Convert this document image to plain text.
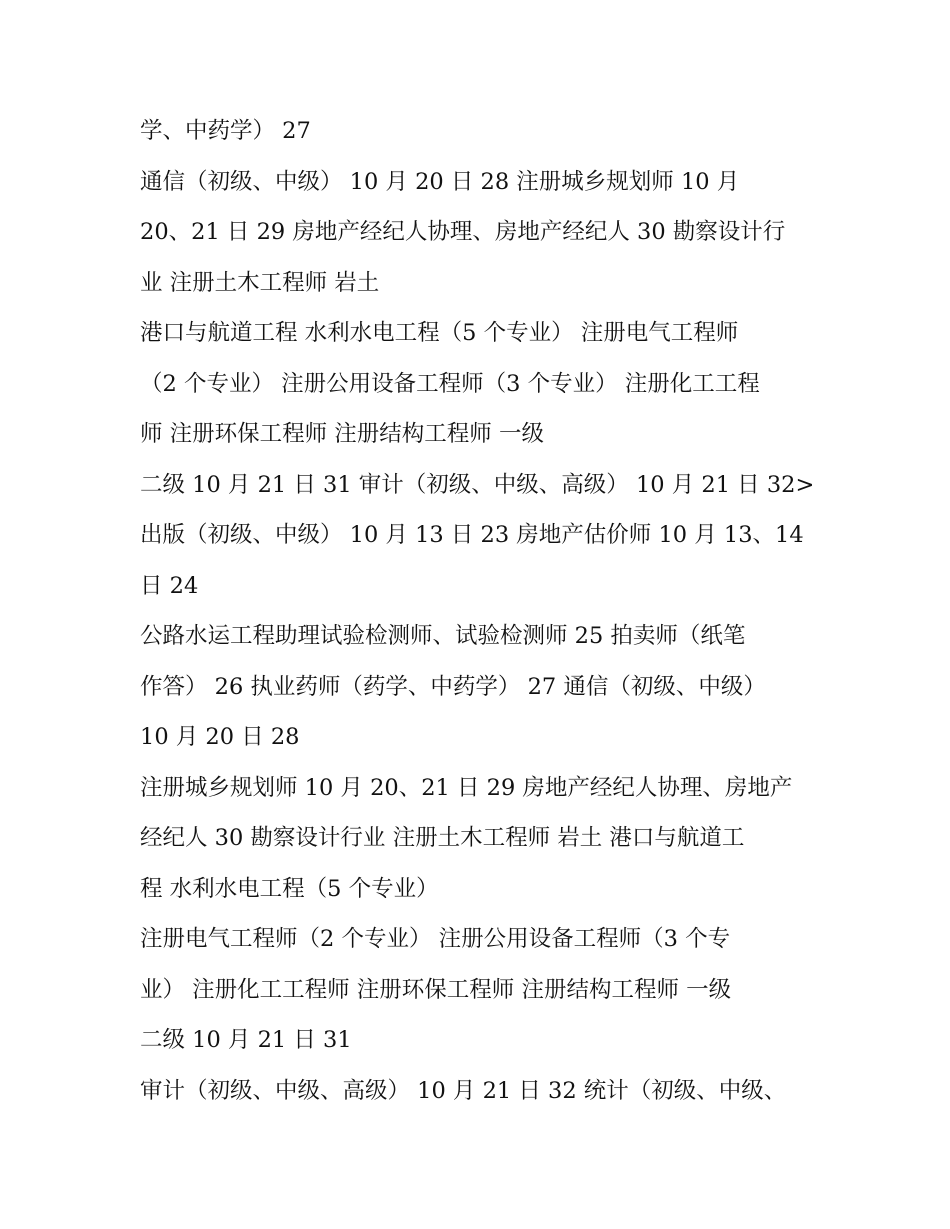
学、中药学） 27

通信（初级、中级） 10 月 20 日 28 注册城乡规划师 10 月

20、21 日 29 房地产经纪人协理、房地产经纪人 30 勘察设计行

业 注册土木工程师 岩土

港口与航道工程 水利水电工程（5 个专业） 注册电气工程师

（2 个专业） 注册公用设备工程师（3 个专业） 注册化工工程

师 注册环保工程师 注册结构工程师 一级

二级 10 月 21 日 31 审计（初级、中级、高级） 10 月 21 日 32>

出版（初级、中级） 10 月 13 日 23 房地产估价师 10 月 13、14

日 24

公路水运工程助理试验检测师、试验检测师 25 拍卖师（纸笔

作答） 26 执业药师（药学、中药学） 27 通信（初级、中级）

10 月 20 日 28

注册城乡规划师 10 月 20、21 日 29 房地产经纪人协理、房地产

经纪人 30 勘察设计行业 注册土木工程师 岩土 港口与航道工

程 水利水电工程（5 个专业）

注册电气工程师（2 个专业） 注册公用设备工程师（3 个专

业） 注册化工工程师 注册环保工程师 注册结构工程师 一级

二级 10 月 21 日 31

审计（初级、中级、高级） 10 月 21 日 32 统计（初级、中级、
